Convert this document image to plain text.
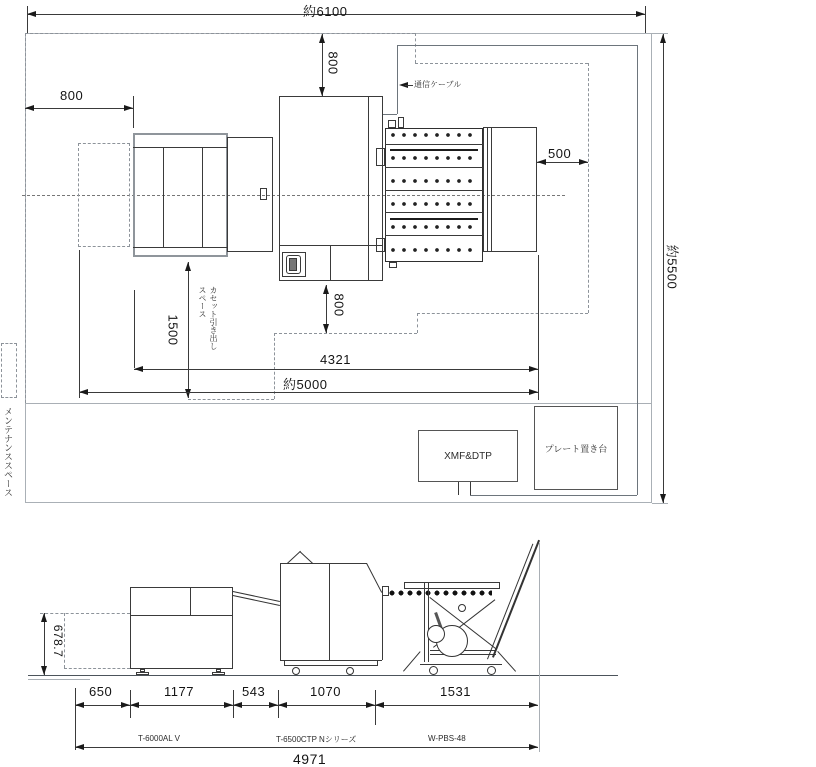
約6100
通信ケーブル
800
800
500
800
1500
4321
約5000
約5500
カセット引き出し
スペース
メンテナンススペース	XMF&DTP
プレート置き台
678.7
650	1177	543	1070	1531
T-6000AL V	T-6500CTP Nシリーズ	W-PBS-48
4971
